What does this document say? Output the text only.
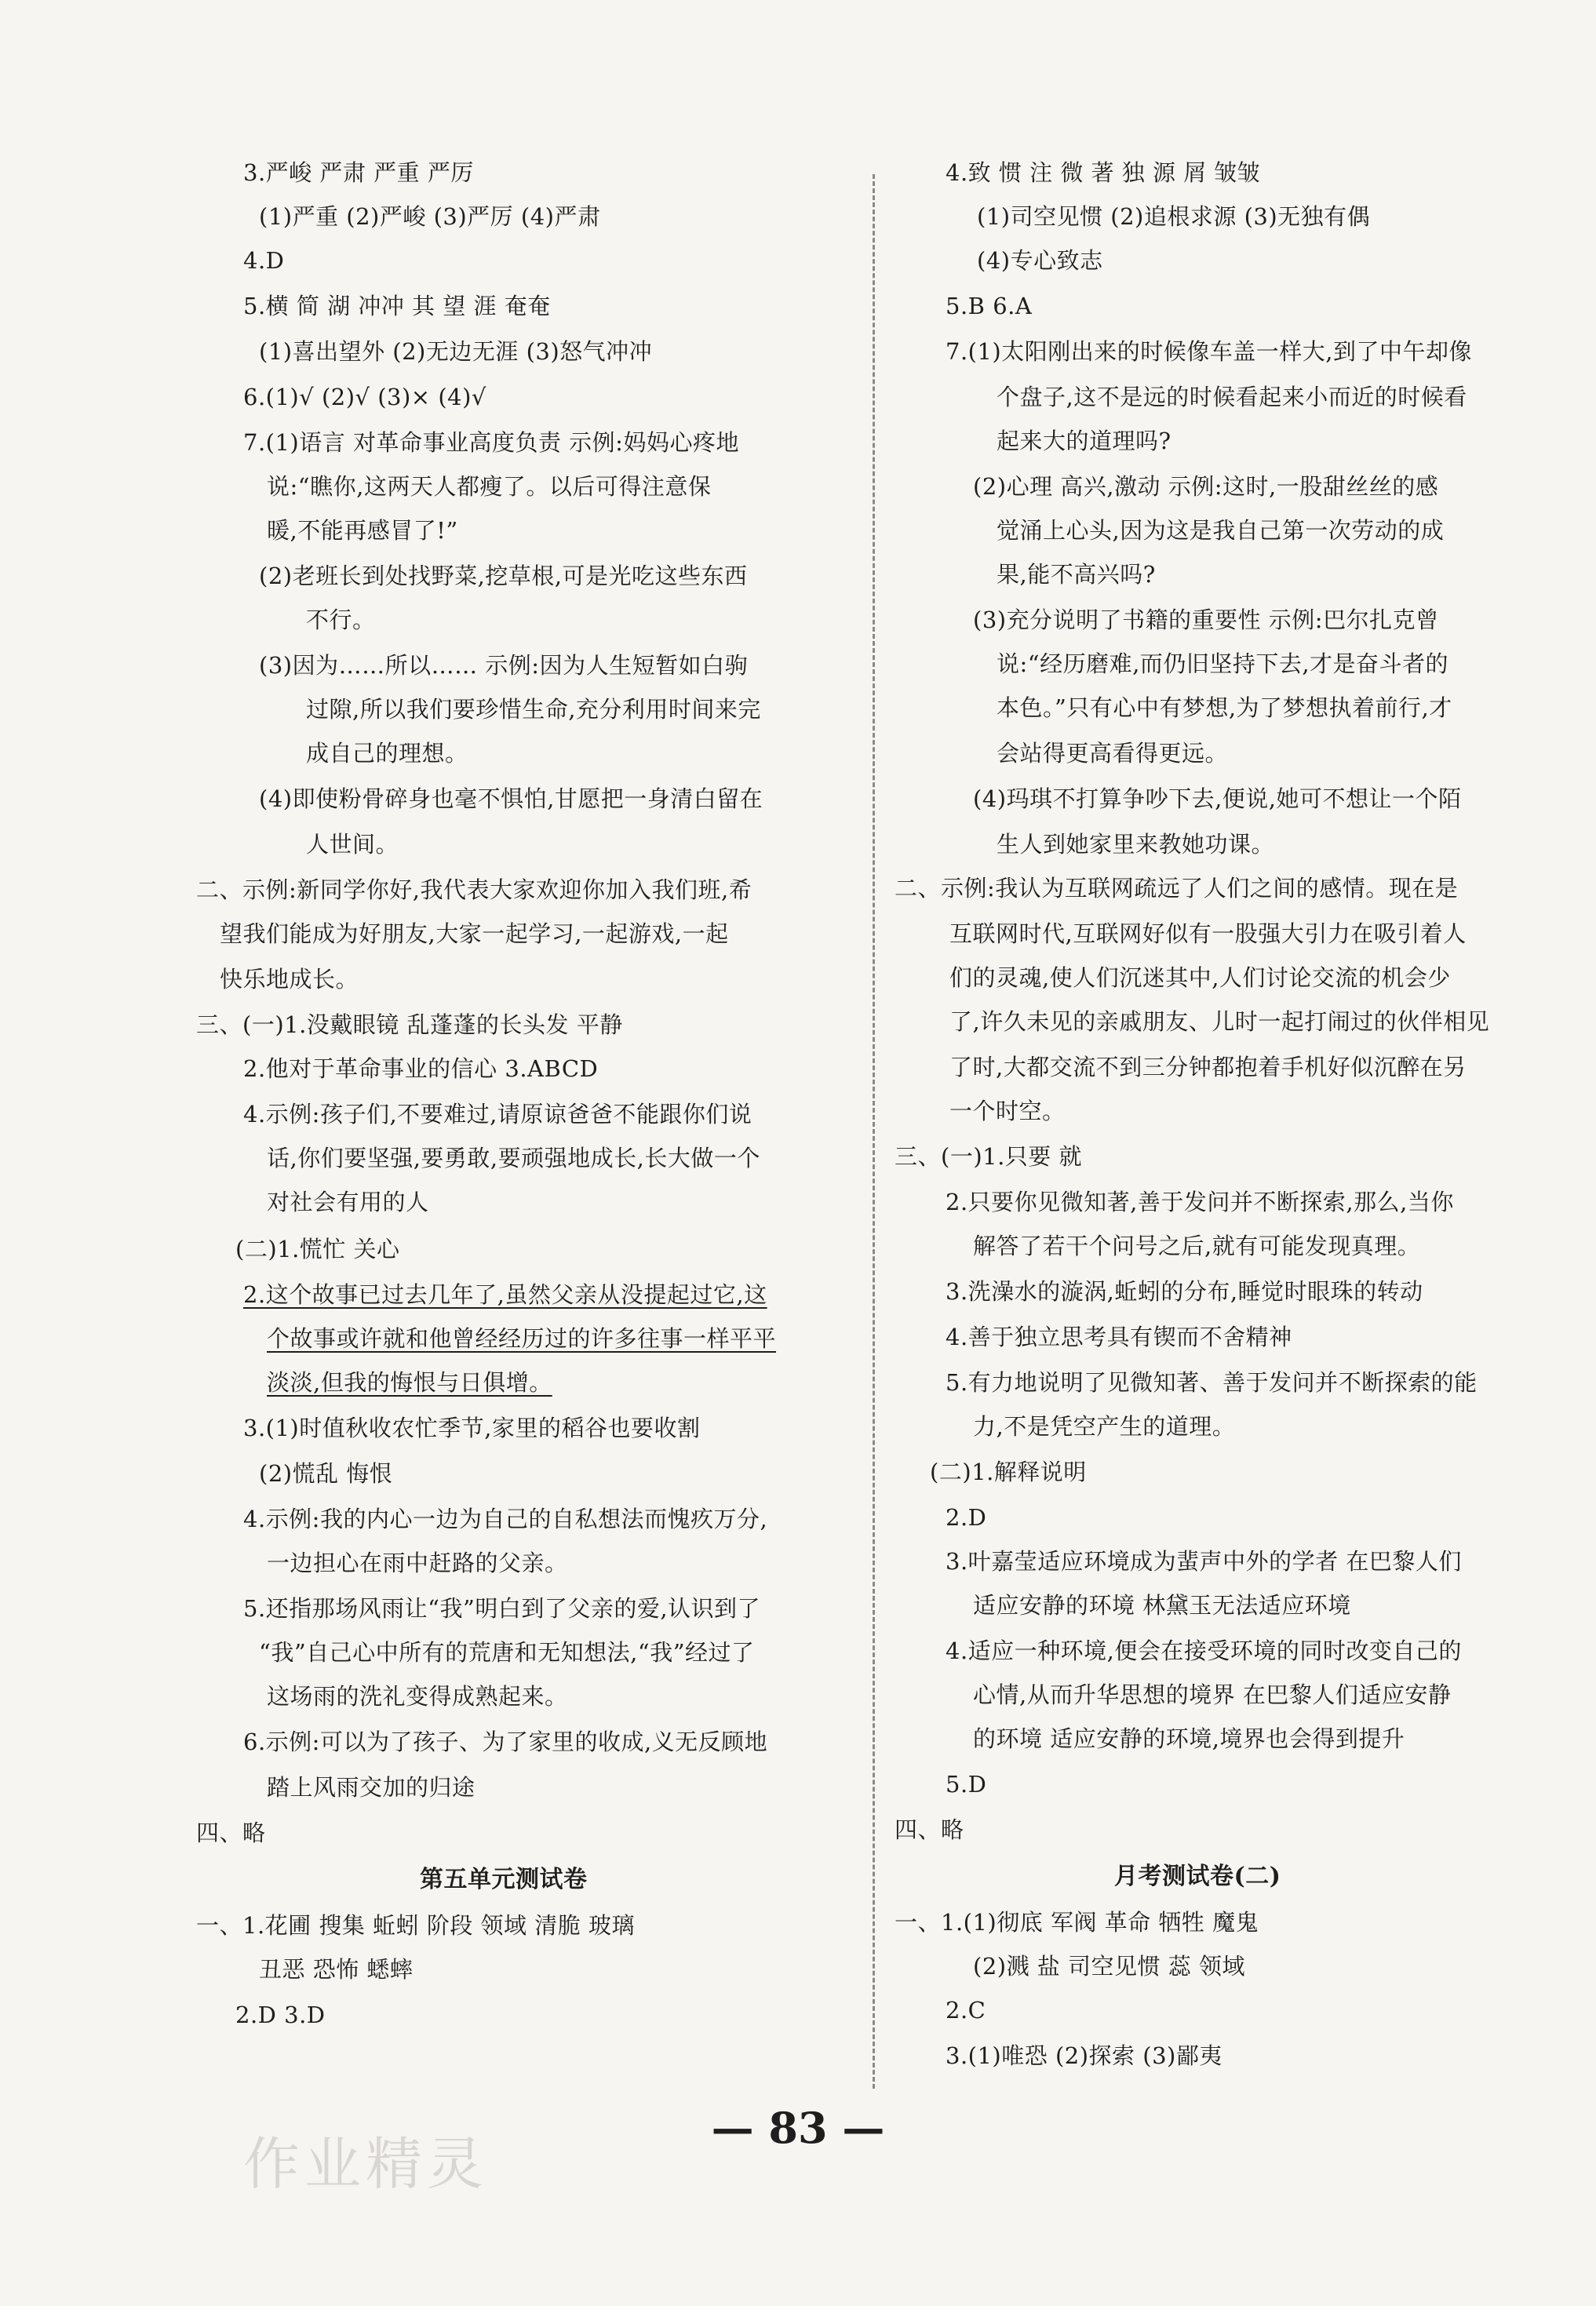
3.严峻 严肃 严重 严厉
(1)严重 (2)严峻 (3)严厉 (4)严肃
4.D
5.横 简 湖 冲冲 其 望 涯 奄奄
(1)喜出望外 (2)无边无涯 (3)怒气冲冲
6.(1)√ (2)√ (3)× (4)√
7.(1)语言 对革命事业高度负责 示例:妈妈心疼地
说:“瞧你,这两天人都瘦了。以后可得注意保
暖,不能再感冒了!”
(2)老班长到处找野菜,挖草根,可是光吃这些东西
不行。
(3)因为……所以…… 示例:因为人生短暂如白驹
过隙,所以我们要珍惜生命,充分利用时间来完
成自己的理想。
(4)即使粉骨碎身也毫不惧怕,甘愿把一身清白留在
人世间。
二、示例:新同学你好,我代表大家欢迎你加入我们班,希
望我们能成为好朋友,大家一起学习,一起游戏,一起
快乐地成长。
三、(一)1.没戴眼镜 乱蓬蓬的长头发 平静
2.他对于革命事业的信心 3.ABCD
4.示例:孩子们,不要难过,请原谅爸爸不能跟你们说
话,你们要坚强,要勇敢,要顽强地成长,长大做一个
对社会有用的人
(二)1.慌忙 关心
2.这个故事已过去几年了,虽然父亲从没提起过它,这
个故事或许就和他曾经经历过的许多往事一样平平
淡淡,但我的悔恨与日俱增。
3.(1)时值秋收农忙季节,家里的稻谷也要收割
(2)慌乱 悔恨
4.示例:我的内心一边为自己的自私想法而愧疚万分,
一边担心在雨中赶路的父亲。
5.还指那场风雨让“我”明白到了父亲的爱,认识到了
“我”自己心中所有的荒唐和无知想法,“我”经过了
这场雨的洗礼变得成熟起来。
6.示例:可以为了孩子、为了家里的收成,义无反顾地
踏上风雨交加的归途
四、略
第五单元测试卷
一、1.花圃 搜集 蚯蚓 阶段 领域 清脆 玻璃
丑恶 恐怖 蟋蟀
2.D 3.D
4.致 惯 注 微 著 独 源 屑 皱皱
(1)司空见惯 (2)追根求源 (3)无独有偶
(4)专心致志
5.B 6.A
7.(1)太阳刚出来的时候像车盖一样大,到了中午却像
个盘子,这不是远的时候看起来小而近的时候看
起来大的道理吗?
(2)心理 高兴,激动 示例:这时,一股甜丝丝的感
觉涌上心头,因为这是我自己第一次劳动的成
果,能不高兴吗?
(3)充分说明了书籍的重要性 示例:巴尔扎克曾
说:“经历磨难,而仍旧坚持下去,才是奋斗者的
本色。”只有心中有梦想,为了梦想执着前行,才
会站得更高看得更远。
(4)玛琪不打算争吵下去,便说,她可不想让一个陌
生人到她家里来教她功课。
二、示例:我认为互联网疏远了人们之间的感情。现在是
互联网时代,互联网好似有一股强大引力在吸引着人
们的灵魂,使人们沉迷其中,人们讨论交流的机会少
了,许久未见的亲戚朋友、儿时一起打闹过的伙伴相见
了时,大都交流不到三分钟都抱着手机好似沉醉在另
一个时空。
三、(一)1.只要 就
2.只要你见微知著,善于发问并不断探索,那么,当你
解答了若干个问号之后,就有可能发现真理。
3.洗澡水的漩涡,蚯蚓的分布,睡觉时眼珠的转动
4.善于独立思考具有锲而不舍精神
5.有力地说明了见微知著、善于发问并不断探索的能
力,不是凭空产生的道理。
(二)1.解释说明
2.D
3.叶嘉莹适应环境成为蜚声中外的学者 在巴黎人们
适应安静的环境 林黛玉无法适应环境
4.适应一种环境,便会在接受环境的同时改变自己的
心情,从而升华思想的境界 在巴黎人们适应安静
的环境 适应安静的环境,境界也会得到提升
5.D
四、略
月考测试卷(二)
一、1.(1)彻底 军阀 革命 牺牲 魔鬼
(2)溅 盐 司空见惯 蕊 领域
2.C
3.(1)唯恐 (2)探索 (3)鄙夷
— 83 —
作业精灵
